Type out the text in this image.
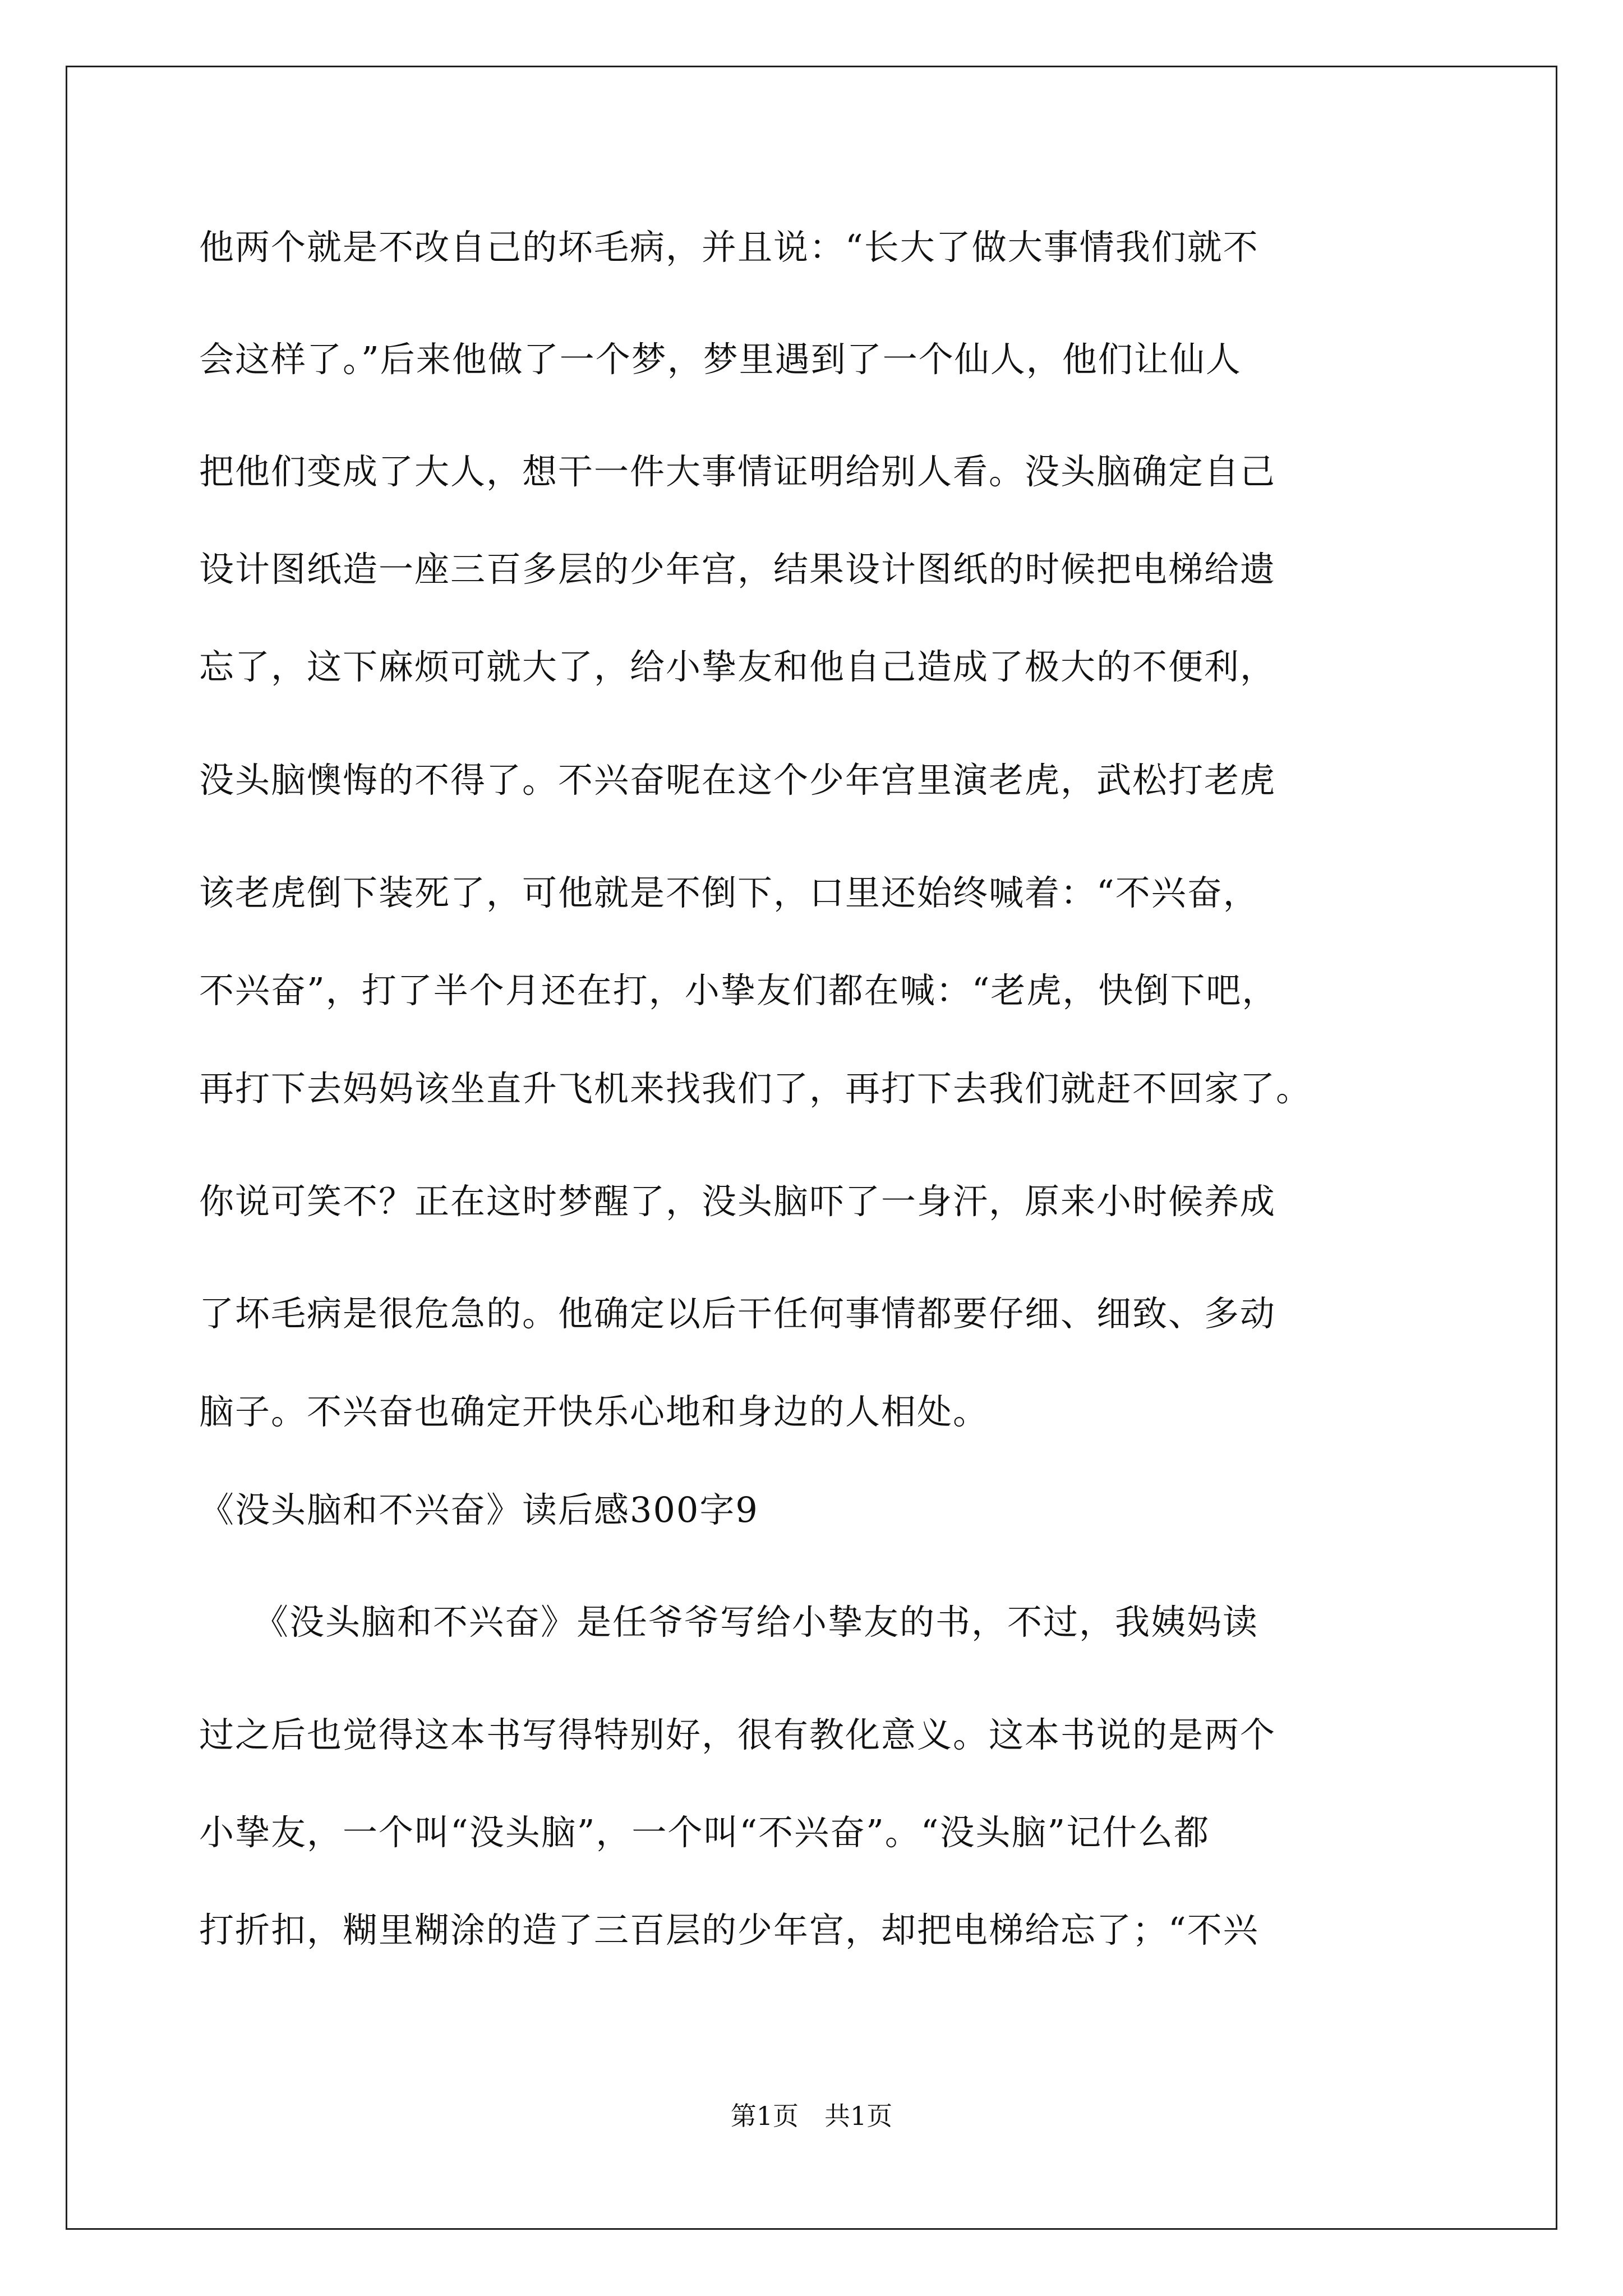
他两个就是不改自己的坏毛病，并且说：“长大了做大事情我们就不
会这样了。”后来他做了一个梦，梦里遇到了一个仙人，他们让仙人
把他们变成了大人，想干一件大事情证明给别人看。没头脑确定自己
设计图纸造一座三百多层的少年宫，结果设计图纸的时候把电梯给遗
忘了，这下麻烦可就大了，给小挚友和他自己造成了极大的不便利，
没头脑懊悔的不得了。不兴奋呢在这个少年宫里演老虎，武松打老虎
该老虎倒下装死了，可他就是不倒下，口里还始终喊着：“不兴奋，
不兴奋”，打了半个月还在打，小挚友们都在喊：“老虎，快倒下吧，
再打下去妈妈该坐直升飞机来找我们了，再打下去我们就赶不回家了。
你说可笑不？正在这时梦醒了，没头脑吓了一身汗，原来小时候养成
了坏毛病是很危急的。他确定以后干任何事情都要仔细、细致、多动
脑子。不兴奋也确定开快乐心地和身边的人相处。
《没头脑和不兴奋》读后感300字9
　　《没头脑和不兴奋》是任爷爷写给小挚友的书，不过，我姨妈读
过之后也觉得这本书写得特别好，很有教化意义。这本书说的是两个
小挚友，一个叫“没头脑”，一个叫“不兴奋”。“没头脑”记什么都
打折扣，糊里糊涂的造了三百层的少年宫，却把电梯给忘了；“不兴
第1页　共1页
